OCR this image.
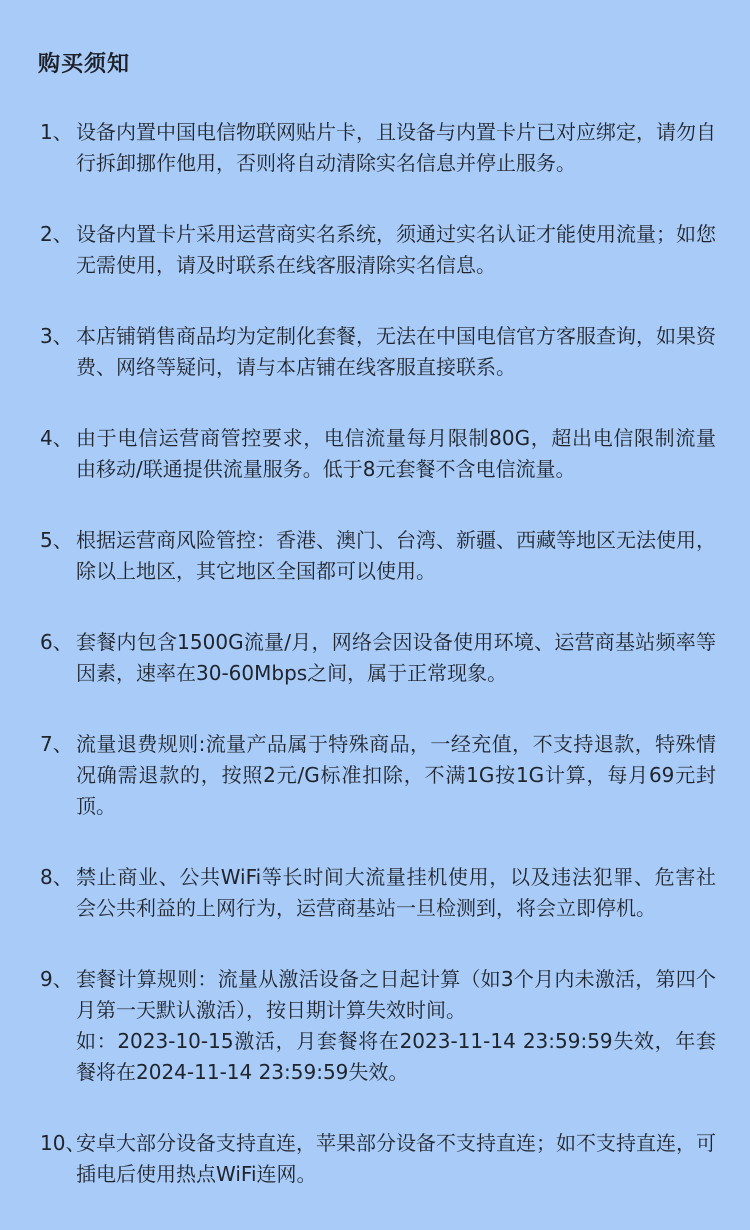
购买须知
1、 设备内置中国电信物联网贴片卡，且设备与内置卡片已对应绑定，请勿自行拆卸挪作他用，否则将自动清除实名信息并停止服务。
2、 设备内置卡片采用运营商实名系统，须通过实名认证才能使用流量；如您无需使用，请及时联系在线客服清除实名信息。
3、 本店铺销售商品均为定制化套餐，无法在中国电信官方客服查询，如果资费、网络等疑问，请与本店铺在线客服直接联系。
4、 由于电信运营商管控要求，电信流量每月限制80G，超出电信限制流量由移动/联通提供流量服务。低于8元套餐不含电信流量。
5、 根据运营商风险管控：香港、澳门、台湾、新疆、西藏等地区无法使用，除以上地区，其它地区全国都可以使用。
6、 套餐内包含1500G流量/月，网络会因设备使用环境、运营商基站频率等因素，速率在30-60Mbps之间，属于正常现象。
7、 流量退费规则:流量产品属于特殊商品，一经充值，不支持退款，特殊情况确需退款的，按照2元/G标准扣除，不满1G按1G计算，每月69元封顶。
8、 禁止商业、公共WiFi等长时间大流量挂机使用，以及违法犯罪、危害社会公共利益的上网行为，运营商基站一旦检测到，将会立即停机。
9、 套餐计算规则：流量从激活设备之日起计算（如3个月内未激活，第四个月第一天默认激活），按日期计算失效时间。
如：2023-10-15激活，月套餐将在2023-11-14 23:59:59失效，年套餐将在2024-11-14 23:59:59失效。
10、
安卓大部分设备支持直连，苹果部分设备不支持直连；如不支持直连，可插电后使用热点WiFi连网。
